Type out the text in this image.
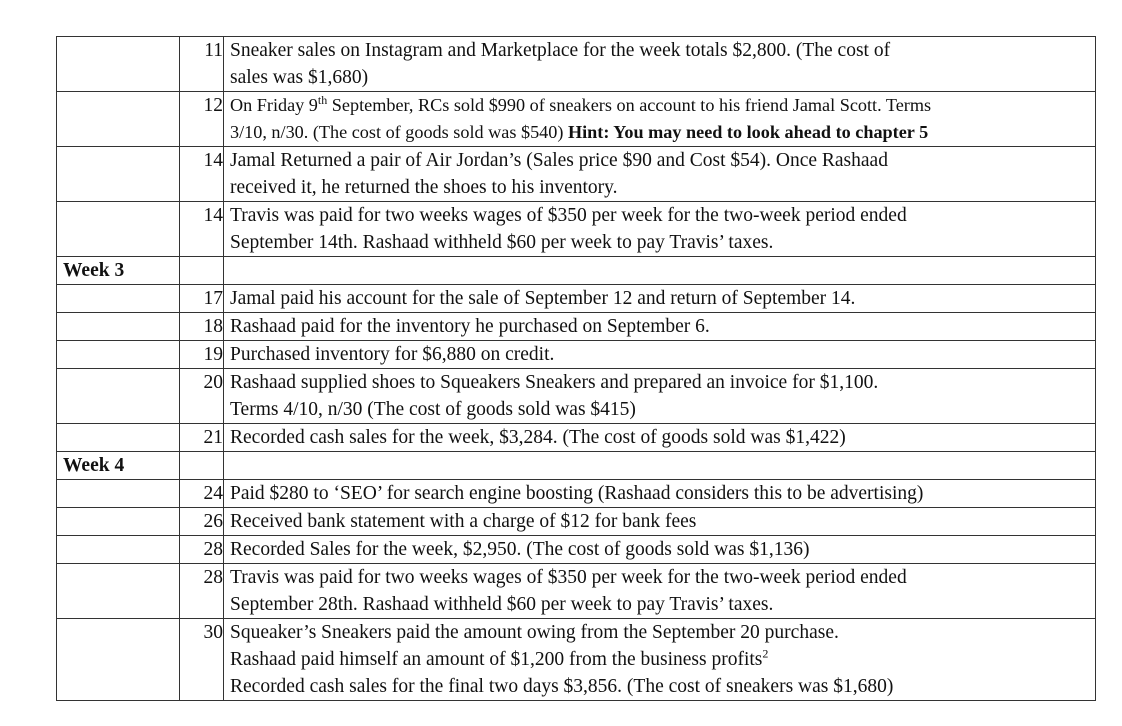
	11	Sneaker sales on Instagram and Marketplace for the week totals $2,800. (The cost of
sales was $1,680)

	12	On Friday 9th September, RCs sold $990 of sneakers on account to his friend Jamal Scott. Terms
3/10, n/30. (The cost of goods sold was $540) Hint: You may need to look ahead to chapter 5

	14	Jamal Returned a pair of Air Jordan’s (Sales price $90 and Cost $54). Once Rashaad
received it, he returned the shoes to his inventory.

	14	Travis was paid for two weeks wages of $350 per week for the two-week period ended
September 14th. Rashaad withheld $60 per week to pay Travis’ taxes.

Week 3		

	17	Jamal paid his account for the sale of September 12 and return of September 14.

	18	Rashaad paid for the inventory he purchased on September 6.

	19	Purchased inventory for $6,880 on credit.

	20	Rashaad supplied shoes to Squeakers Sneakers and prepared an invoice for $1,100.
Terms 4/10, n/30 (The cost of goods sold was $415)

	21	Recorded cash sales for the week, $3,284. (The cost of goods sold was $1,422)

Week 4		

	24	Paid $280 to ‘SEO’ for search engine boosting (Rashaad considers this to be advertising)

	26	Received bank statement with a charge of $12 for bank fees

	28	Recorded Sales for the week, $2,950. (The cost of goods sold was $1,136)

	28	Travis was paid for two weeks wages of $350 per week for the two-week period ended
September 28th. Rashaad withheld $60 per week to pay Travis’ taxes.

	30	Squeaker’s Sneakers paid the amount owing from the September 20 purchase.
Rashaad paid himself an amount of $1,200 from the business profits$^2$
Recorded cash sales for the final two days $3,856. (The cost of sneakers was $1,680)
